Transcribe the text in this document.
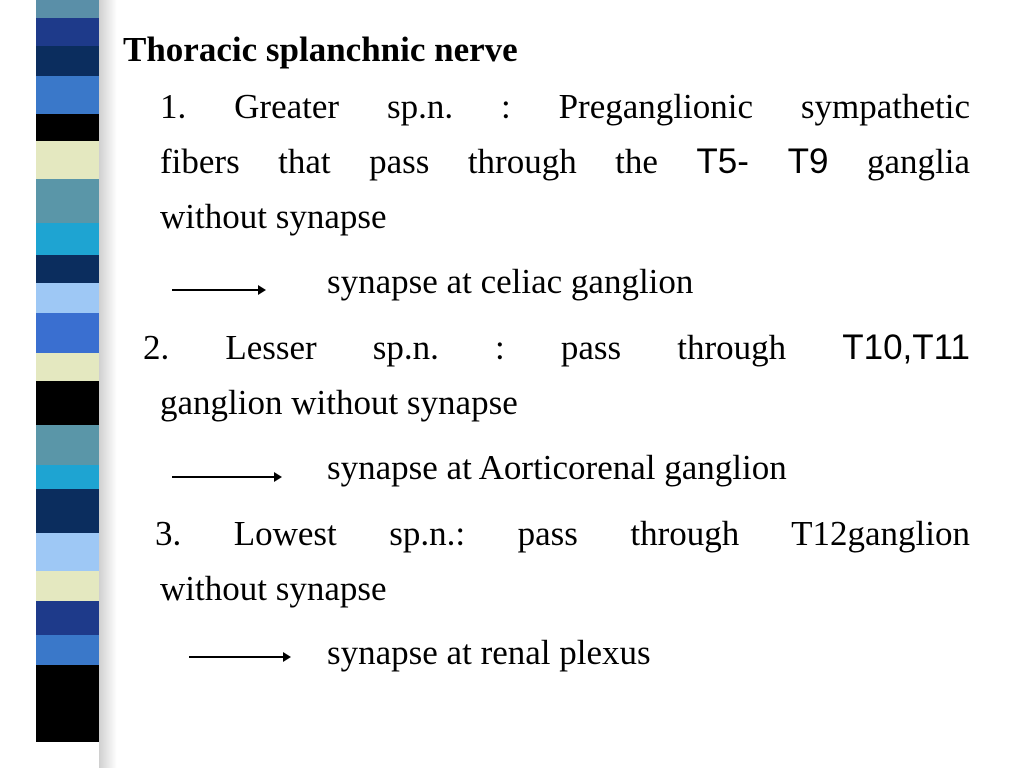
Thoracic splanchnic nerve
1. Greater sp.n. : Preganglionic sympathetic
fibers that pass through the T5- T9 ganglia
without synapse
synapse at celiac ganglion
2. Lesser sp.n. : pass through T10,T11
ganglion without synapse
synapse at Aorticorenal ganglion
3. Lowest sp.n.: pass through T12ganglion
without synapse
synapse at renal plexus
